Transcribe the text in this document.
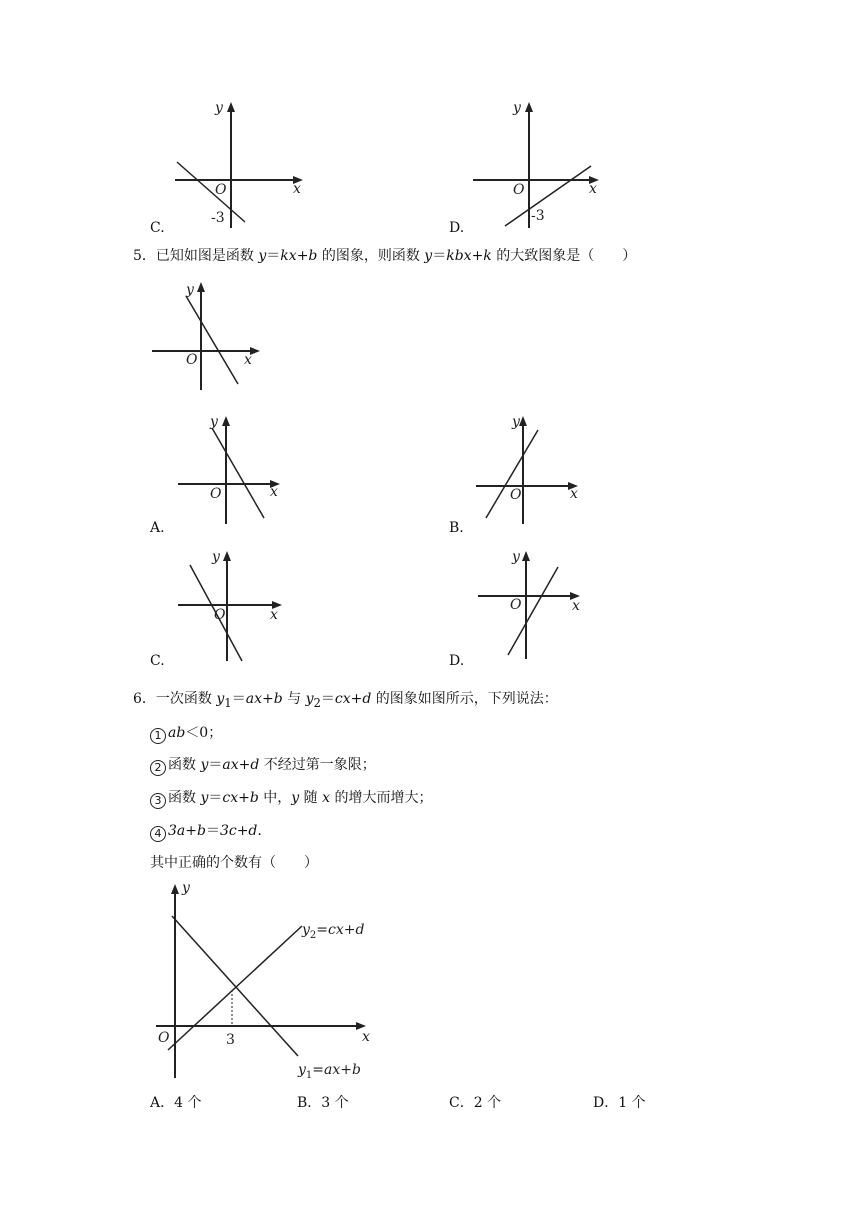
y
x
O
-3
C.
y
x
O
-3
D.
5．已知如图是函数 y＝kx+b 的图象，则函数 y＝kbx+k 的大致图象是（　　）
y
x
O
y
x
O
A.
y
x
O
B.
y
x
O
C.
y
x
O
D.
6．一次函数 $y_1=ax+b$ 与 $y_2=cx+d$ 的图象如图所示，下列说法：
1 ab＜0；
2 函数 y＝ax+d 不经过第一象限；
3 函数 y＝cx+b 中，y 随 x 的增大而增大；
4 3a+b＝3c+d.
其中正确的个数有（　　）
y
x
O	3
$y_2=cx+d$
$y_1=ax+b$
A．4 个	B．3 个	C．2 个	D．1 个
